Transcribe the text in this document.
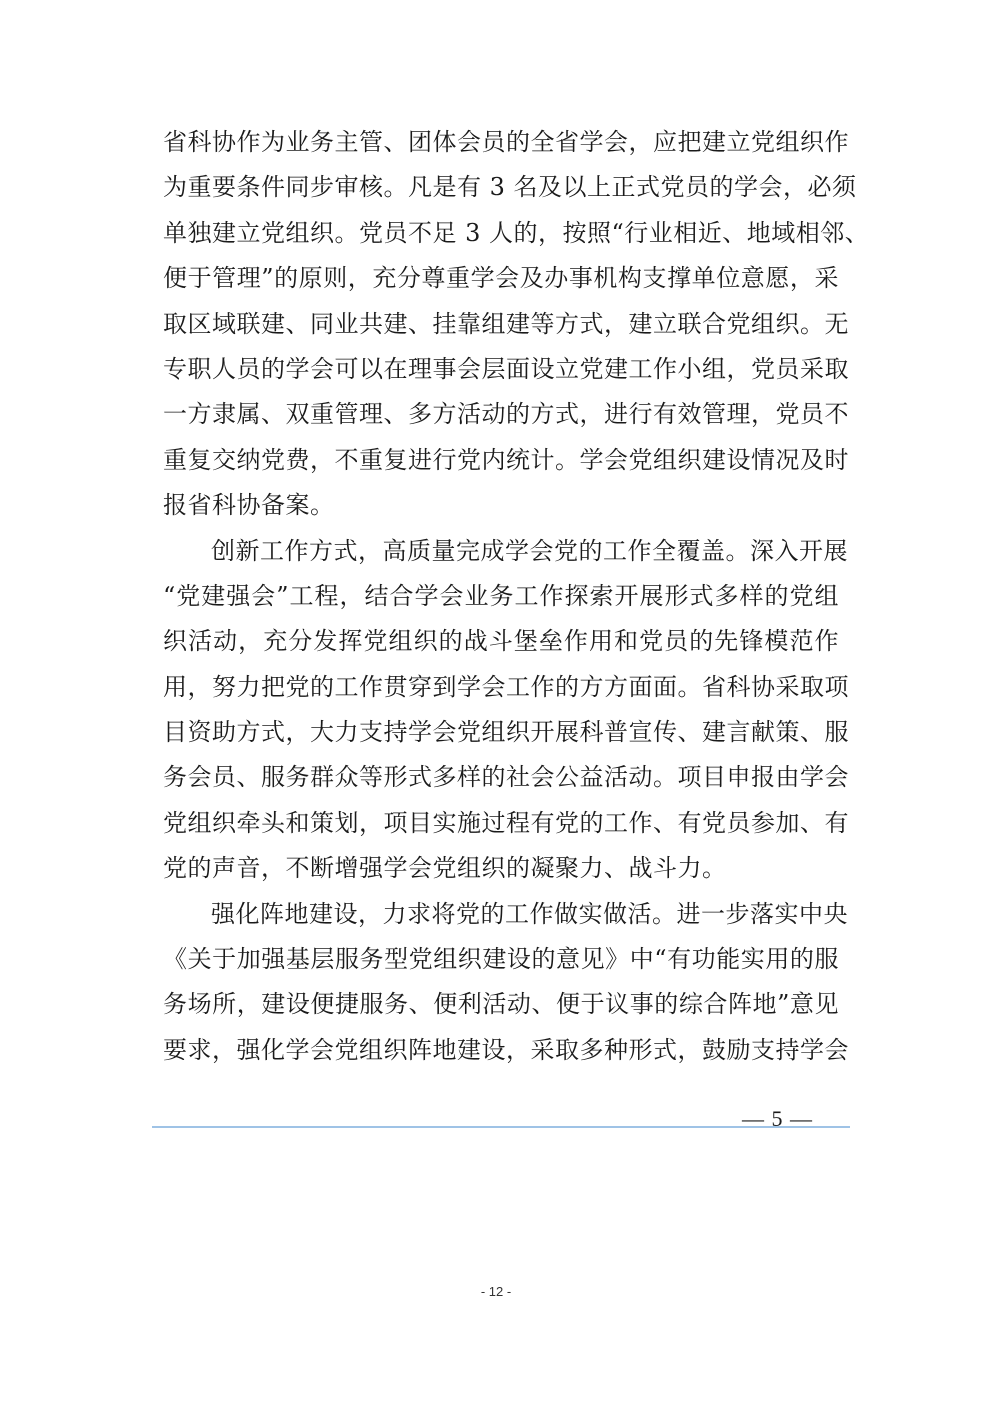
省科协作为业务主管、团体会员的全省学会，应把建立党组织作
为重要条件同步审核。凡是有 3 名及以上正式党员的学会，必须
单独建立党组织。党员不足 3 人的，按照“行业相近、地域相邻、
便于管理”的原则，充分尊重学会及办事机构支撑单位意愿，采
取区域联建、同业共建、挂靠组建等方式，建立联合党组织。无
专职人员的学会可以在理事会层面设立党建工作小组，党员采取
一方隶属、双重管理、多方活动的方式，进行有效管理，党员不
重复交纳党费，不重复进行党内统计。学会党组织建设情况及时
报省科协备案。
创新工作方式，高质量完成学会党的工作全覆盖。深入开展
“党建强会”工程，结合学会业务工作探索开展形式多样的党组
织活动，充分发挥党组织的战斗堡垒作用和党员的先锋模范作
用，努力把党的工作贯穿到学会工作的方方面面。省科协采取项
目资助方式，大力支持学会党组织开展科普宣传、建言献策、服
务会员、服务群众等形式多样的社会公益活动。项目申报由学会
党组织牵头和策划，项目实施过程有党的工作、有党员参加、有
党的声音，不断增强学会党组织的凝聚力、战斗力。
强化阵地建设，力求将党的工作做实做活。进一步落实中央
《关于加强基层服务型党组织建设的意见》中“有功能实用的服
务场所，建设便捷服务、便利活动、便于议事的综合阵地”意见
要求，强化学会党组织阵地建设，采取多种形式，鼓励支持学会
— 5 —
- 12 -
